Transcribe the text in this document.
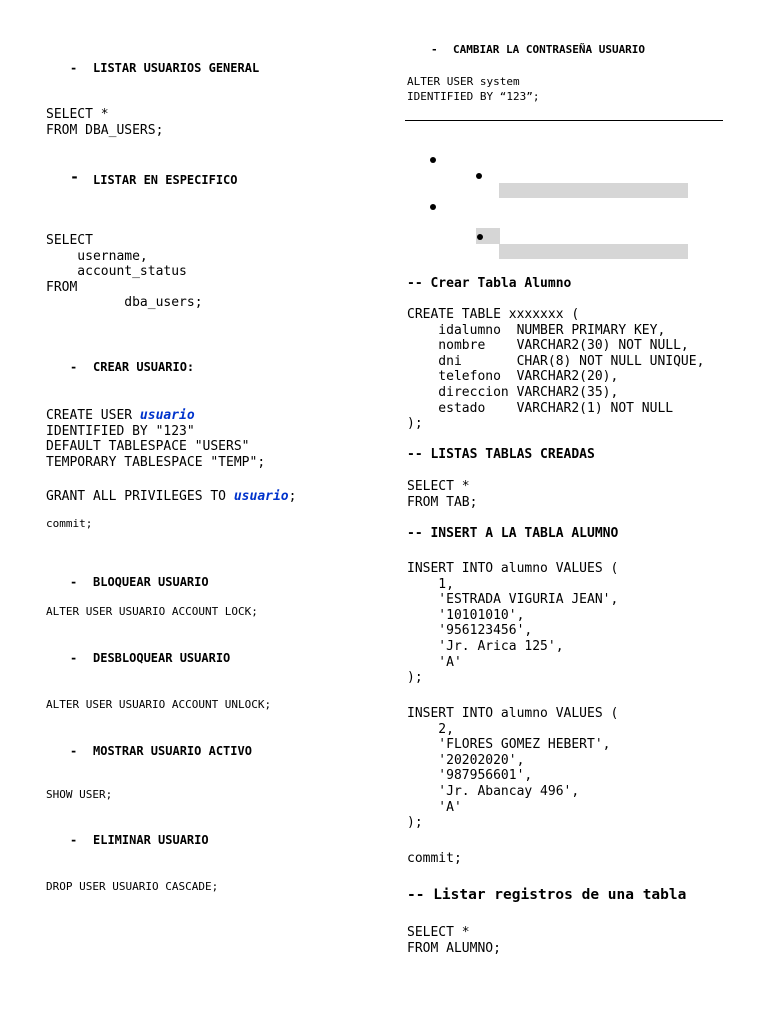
- LISTAR USUARIOS GENERAL
SELECT *
FROM DBA_USERS;
- LISTAR EN ESPECIFICO
SELECT
username,
account_status
FROM
dba_users;
- CREAR USUARIO:
CREATE USER usuario
IDENTIFIED BY "123"
DEFAULT TABLESPACE "USERS"
TEMPORARY TABLESPACE "TEMP";
GRANT ALL PRIVILEGES TO usuario;
commit;
- BLOQUEAR USUARIO
ALTER USER USUARIO ACCOUNT LOCK;
- DESBLOQUEAR USUARIO
ALTER USER USUARIO ACCOUNT UNLOCK;
- MOSTRAR USUARIO ACTIVO
SHOW USER;
- ELIMINAR USUARIO
DROP USER USUARIO CASCADE;
- CAMBIAR LA CONTRASEÑA USUARIO
ALTER USER system
IDENTIFIED BY “123”;
-- Crear Tabla Alumno
CREATE TABLE xxxxxxx (
idalumno  NUMBER PRIMARY KEY,
nombre    VARCHAR2(30) NOT NULL,
dni       CHAR(8) NOT NULL UNIQUE,
telefono  VARCHAR2(20),
direccion VARCHAR2(35),
estado    VARCHAR2(1) NOT NULL
);
-- LISTAS TABLAS CREADAS
SELECT *
FROM TAB;
-- INSERT A LA TABLA ALUMNO
INSERT INTO alumno VALUES (
1,
'ESTRADA VIGURIA JEAN',
'10101010',
'956123456',
'Jr. Arica 125',
'A'
);
INSERT INTO alumno VALUES (
2,
'FLORES GOMEZ HEBERT',
'20202020',
'987956601',
'Jr. Abancay 496',
'A'
);
commit;
-- Listar registros de una tabla
SELECT *
FROM ALUMNO;
